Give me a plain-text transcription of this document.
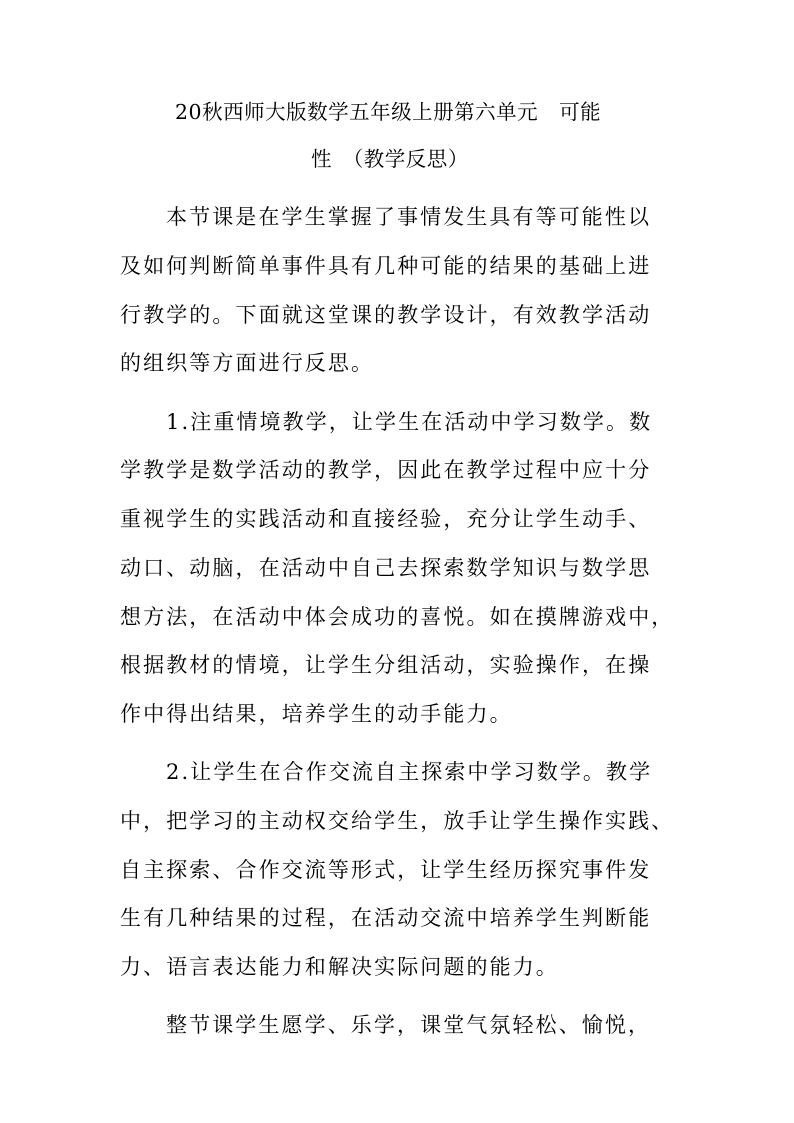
20秋西师大版数学五年级上册第六单元　可能
性　（教学反思）
本节课是在学生掌握了事情发生具有等可能性以
及如何判断简单事件具有几种可能的结果的基础上进
行教学的。下面就这堂课的教学设计，有效教学活动
的组织等方面进行反思。
1.注重情境教学，让学生在活动中学习数学。数
学教学是数学活动的教学，因此在教学过程中应十分
重视学生的实践活动和直接经验，充分让学生动手、
动口、动脑，在活动中自己去探索数学知识与数学思
想方法，在活动中体会成功的喜悦。如在摸牌游戏中，
根据教材的情境，让学生分组活动，实验操作，在操
作中得出结果，培养学生的动手能力。
2.让学生在合作交流自主探索中学习数学。教学
中，把学习的主动权交给学生，放手让学生操作实践、
自主探索、合作交流等形式，让学生经历探究事件发
生有几种结果的过程，在活动交流中培养学生判断能
力、语言表达能力和解决实际问题的能力。
整节课学生愿学、乐学，课堂气氛轻松、愉悦，
